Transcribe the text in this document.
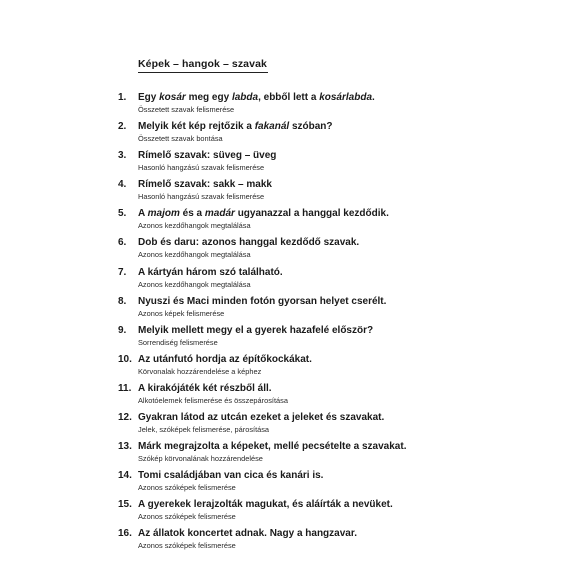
Képek – hangok – szavak
1.	Egy kosár meg egy labda, ebből lett a kosárlabda.
Összetett szavak felismerése
2.	Melyik két kép rejtőzik a fakanál szóban?
Összetett szavak bontása
3.	Rímelő szavak: süveg – üveg
Hasonló hangzású szavak felismerése
4.	Rímelő szavak: sakk – makk
Hasonló hangzású szavak felismerése
5.	A majom és a madár ugyanazzal a hanggal kezdődik.
Azonos kezdőhangok megtalálása
6.	Dob és daru: azonos hanggal kezdődő szavak.
Azonos kezdőhangok megtalálása
7.	A kártyán három szó található.
Azonos kezdőhangok megtalálása
8.	Nyuszi és Maci minden fotón gyorsan helyet cserélt.
Azonos képek felismerése
9.	Melyik mellett megy el a gyerek hazafelé először?
Sorrendiség felismerése
10. Az utánfutó hordja az építőkockákat.
Körvonalak hozzárendelése a képhez
11. A kirakójáték két részből áll.
Alkotóelemek felismerése és összepárosítása
12. Gyakran látod az utcán ezeket a jeleket és szavakat.
Jelek, szóképek felismerése, párosítása
13. Márk megrajzolta a képeket, mellé pecsételte a szavakat.
Szókép körvonalának hozzárendelése
14. Tomi családjában van cica és kanári is.
Azonos szóképek felismerése
15. A gyerekek lerajzolták magukat, és aláírták a nevüket.
Azonos szóképek felismerése
16. Az állatok koncertet adnak. Nagy a hangzavar.
Azonos szóképek felismerése
